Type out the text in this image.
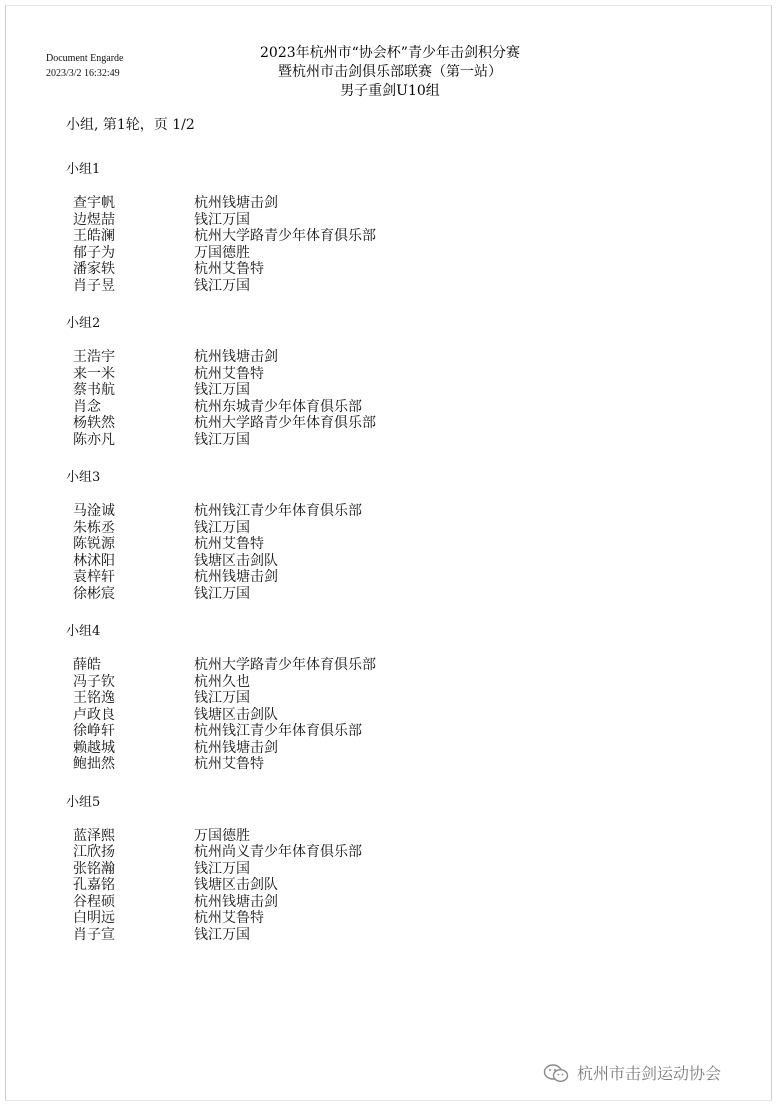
Document Engarde
2023/3/2 16:32:49
2023年杭州市“协会杯”青少年击剑积分赛
暨杭州市击剑俱乐部联赛（第一站）
男子重剑U10组
小组, 第1轮，页 1/2
小组1
查宇帆	杭州钱塘击剑
边煜喆	钱江万国
王皓澜	杭州大学路青少年体育俱乐部
郁子为	万国德胜
潘家轶	杭州艾鲁特
肖子昱	钱江万国
小组2
王浩宇	杭州钱塘击剑
来一米	杭州艾鲁特
蔡书航	钱江万国
肖念	杭州东城青少年体育俱乐部
杨轶然	杭州大学路青少年体育俱乐部
陈亦凡	钱江万国
小组3
马淦诚	杭州钱江青少年体育俱乐部
朱栋丞	钱江万国
陈锐源	杭州艾鲁特
林沭阳	钱塘区击剑队
袁梓轩	杭州钱塘击剑
徐彬宸	钱江万国
小组4
薛皓	杭州大学路青少年体育俱乐部
冯子钦	杭州久也
王铭逸	钱江万国
卢政良	钱塘区击剑队
徐峥轩	杭州钱江青少年体育俱乐部
赖越城	杭州钱塘击剑
鲍拙然	杭州艾鲁特
小组5
蓝泽熙	万国德胜
江欣扬	杭州尚义青少年体育俱乐部
张铭瀚	钱江万国
孔嘉铭	钱塘区击剑队
谷程硕	杭州钱塘击剑
白明远	杭州艾鲁特
肖子宣	钱江万国
杭州市击剑运动协会
